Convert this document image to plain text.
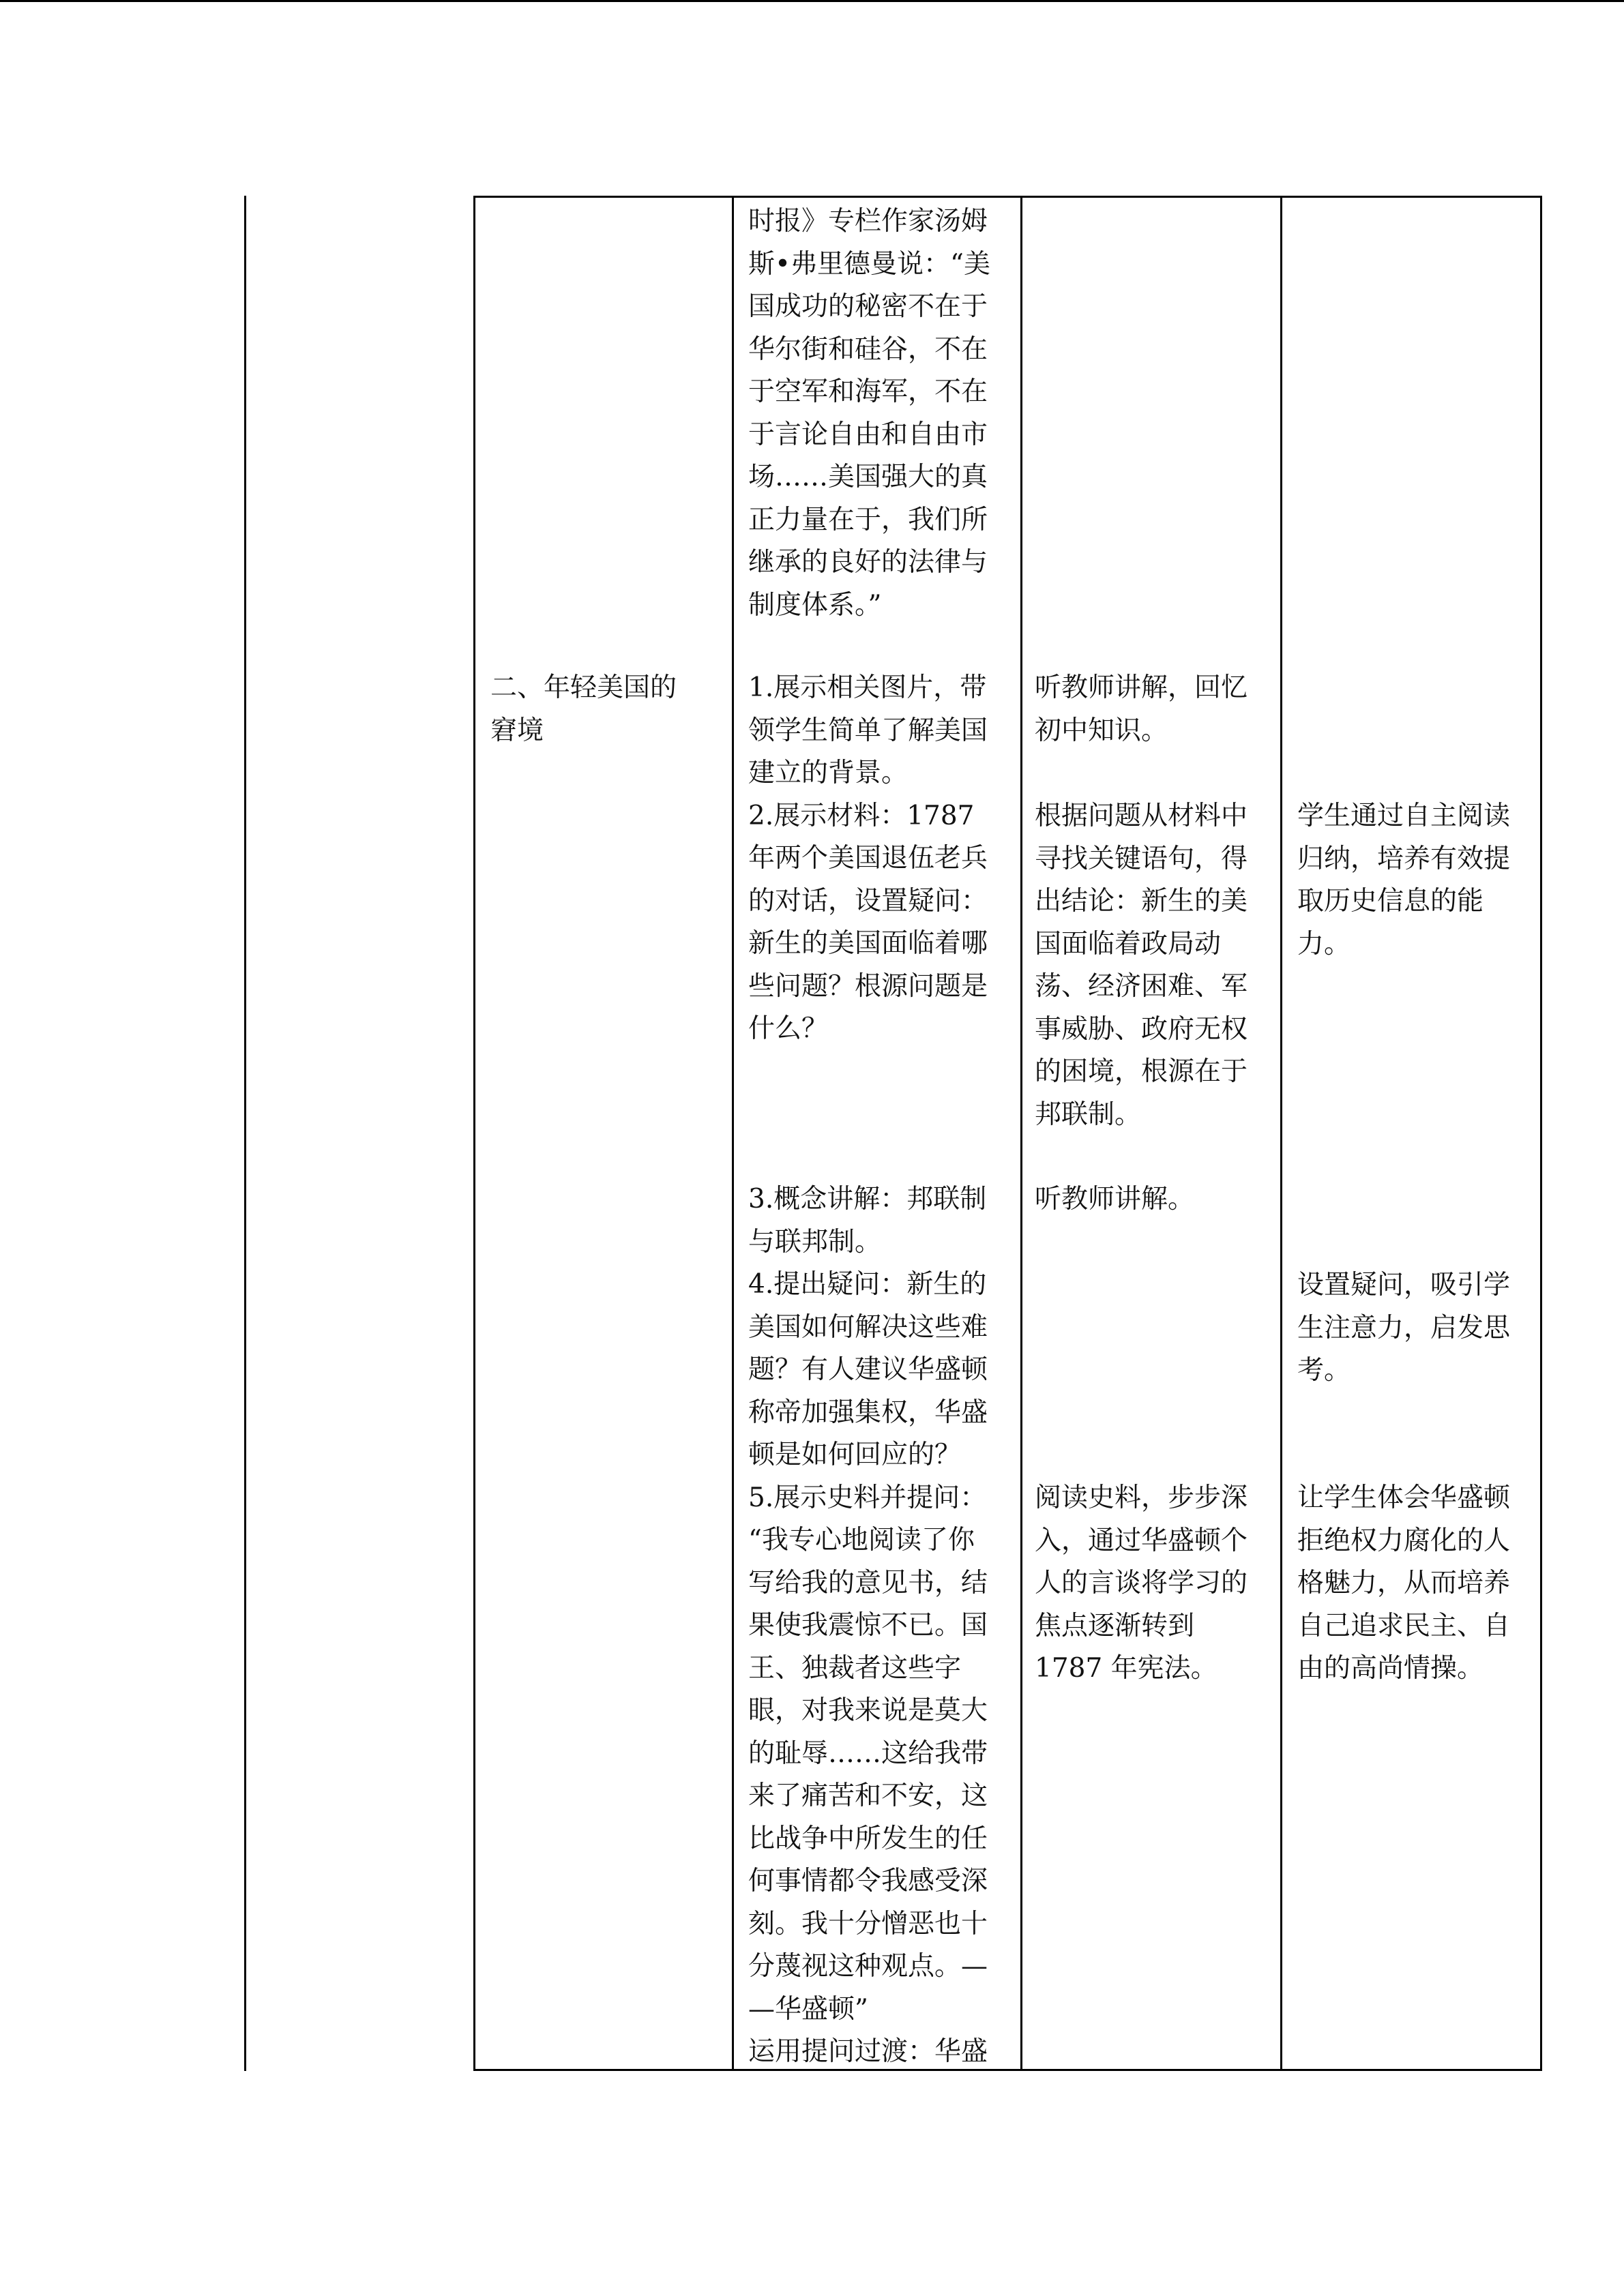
二、年轻美国的

窘境

时报》专栏作家汤姆

斯•弗里德曼说：“美

国成功的秘密不在于

华尔街和硅谷，不在

于空军和海军，不在

于言论自由和自由市

场……美国强大的真

正力量在于，我们所

继承的良好的法律与

制度体系。”

1.展示相关图片，带

领学生简单了解美国

建立的背景。

2.展示材料：1787

年两个美国退伍老兵

的对话，设置疑问：

新生的美国面临着哪

些问题？根源问题是

什么？

3.概念讲解：邦联制

与联邦制。

4.提出疑问：新生的

美国如何解决这些难

题？有人建议华盛顿

称帝加强集权，华盛

顿是如何回应的？

5.展示史料并提问：

“我专心地阅读了你

写给我的意见书，结

果使我震惊不已。国

王、独裁者这些字

眼，对我来说是莫大

的耻辱……这给我带

来了痛苦和不安，这

比战争中所发生的任

何事情都令我感受深

刻。我十分憎恶也十

分蔑视这种观点。—

—华盛顿”

运用提问过渡：华盛

听教师讲解，回忆

初中知识。

根据问题从材料中

寻找关键语句，得

出结论：新生的美

国面临着政局动

荡、经济困难、军

事威胁、政府无权

的困境，根源在于

邦联制。

听教师讲解。

阅读史料，步步深

入，通过华盛顿个

人的言谈将学习的

焦点逐渐转到

1787 年宪法。

学生通过自主阅读

归纳，培养有效提

取历史信息的能

力。

设置疑问，吸引学

生注意力，启发思

考。

让学生体会华盛顿

拒绝权力腐化的人

格魅力，从而培养

自己追求民主、自

由的高尚情操。
